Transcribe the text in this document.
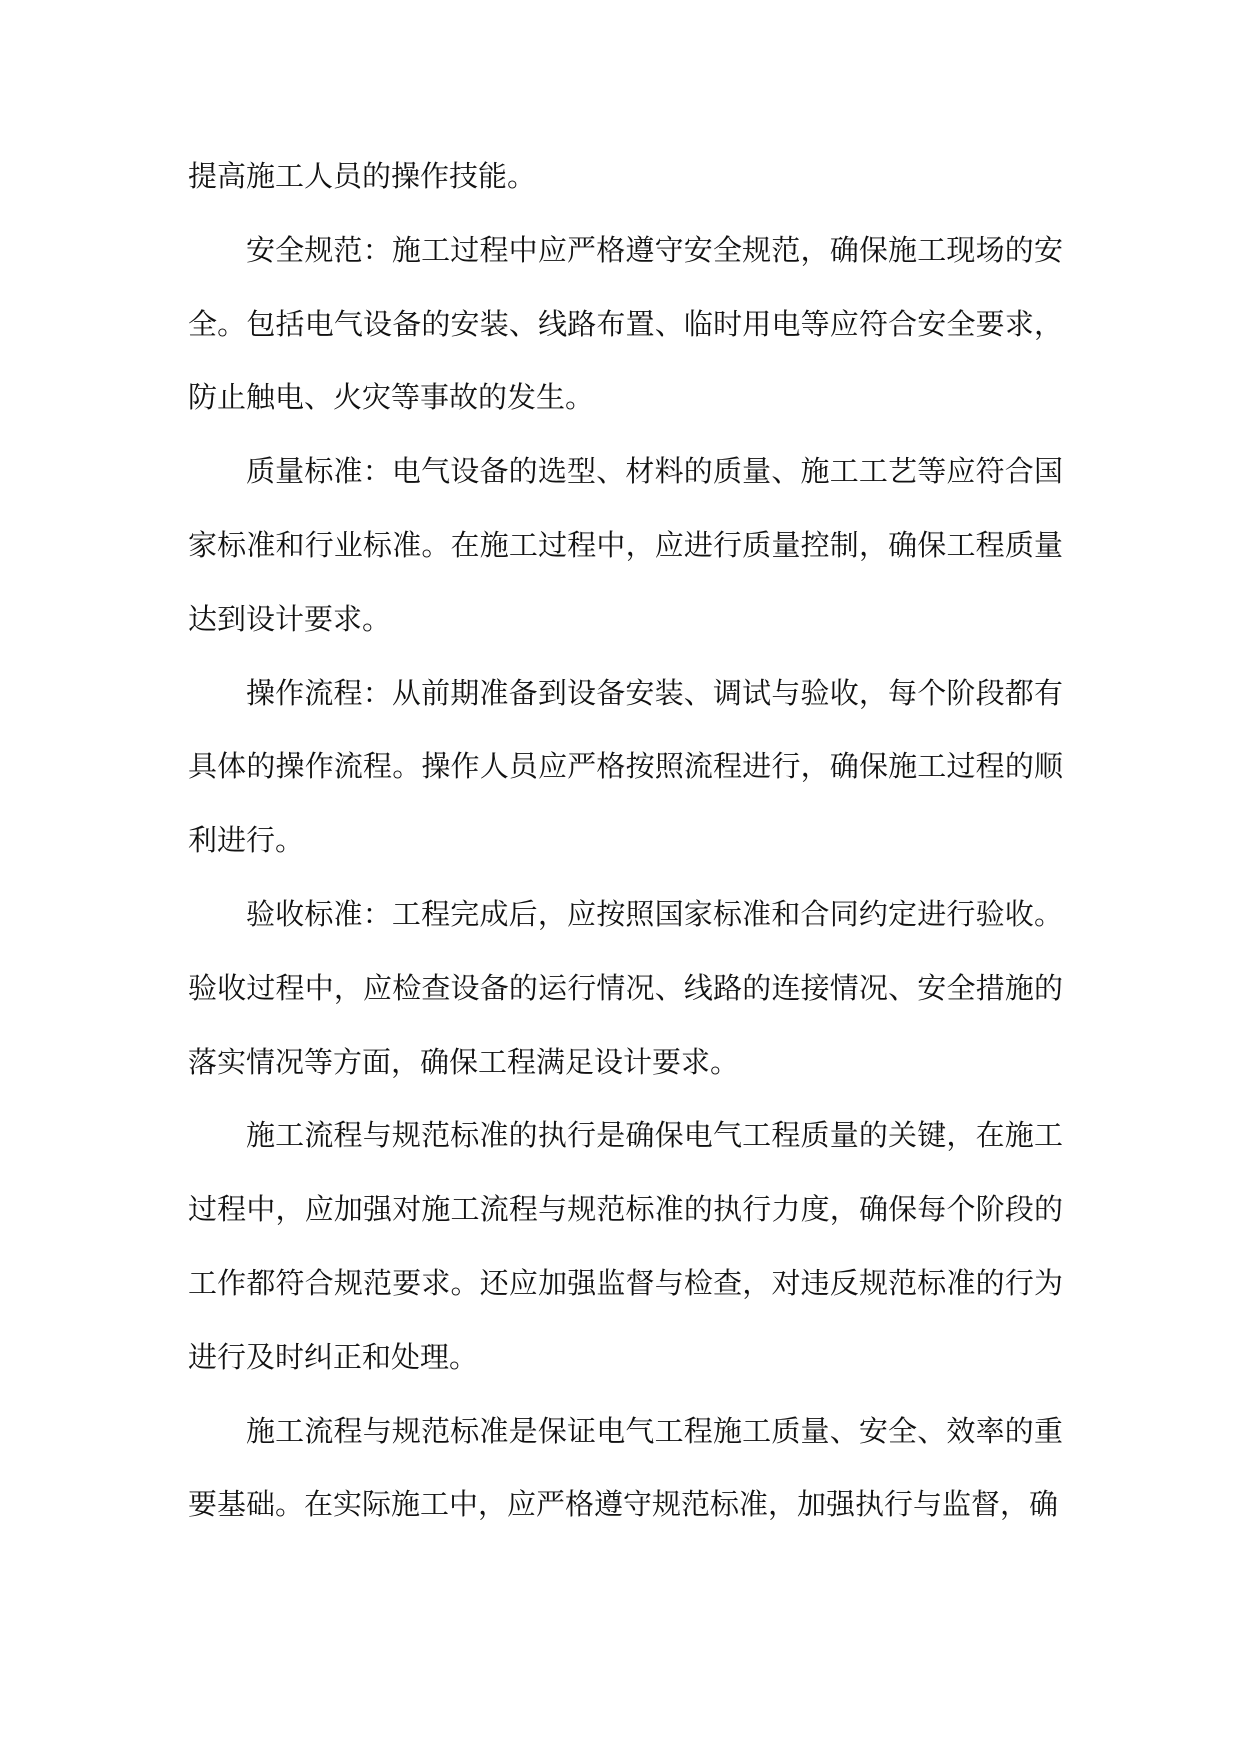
提高施工人员的操作技能。

安全规范：施工过程中应严格遵守安全规范，确保施工现场的安全。包括电气设备的安装、线路布置、临时用电等应符合安全要求，防止触电、火灾等事故的发生。

质量标准：电气设备的选型、材料的质量、施工工艺等应符合国家标准和行业标准。在施工过程中，应进行质量控制，确保工程质量达到设计要求。

操作流程：从前期准备到设备安装、调试与验收，每个阶段都有具体的操作流程。操作人员应严格按照流程进行，确保施工过程的顺利进行。

验收标准：工程完成后，应按照国家标准和合同约定进行验收。验收过程中，应检查设备的运行情况、线路的连接情况、安全措施的落实情况等方面，确保工程满足设计要求。

施工流程与规范标准的执行是确保电气工程质量的关键，在施工过程中，应加强对施工流程与规范标准的执行力度，确保每个阶段的工作都符合规范要求。还应加强监督与检查，对违反规范标准的行为进行及时纠正和处理。

施工流程与规范标准是保证电气工程施工质量、安全、效率的重要基础。在实际施工中，应严格遵守规范标准，加强执行与监督，确
